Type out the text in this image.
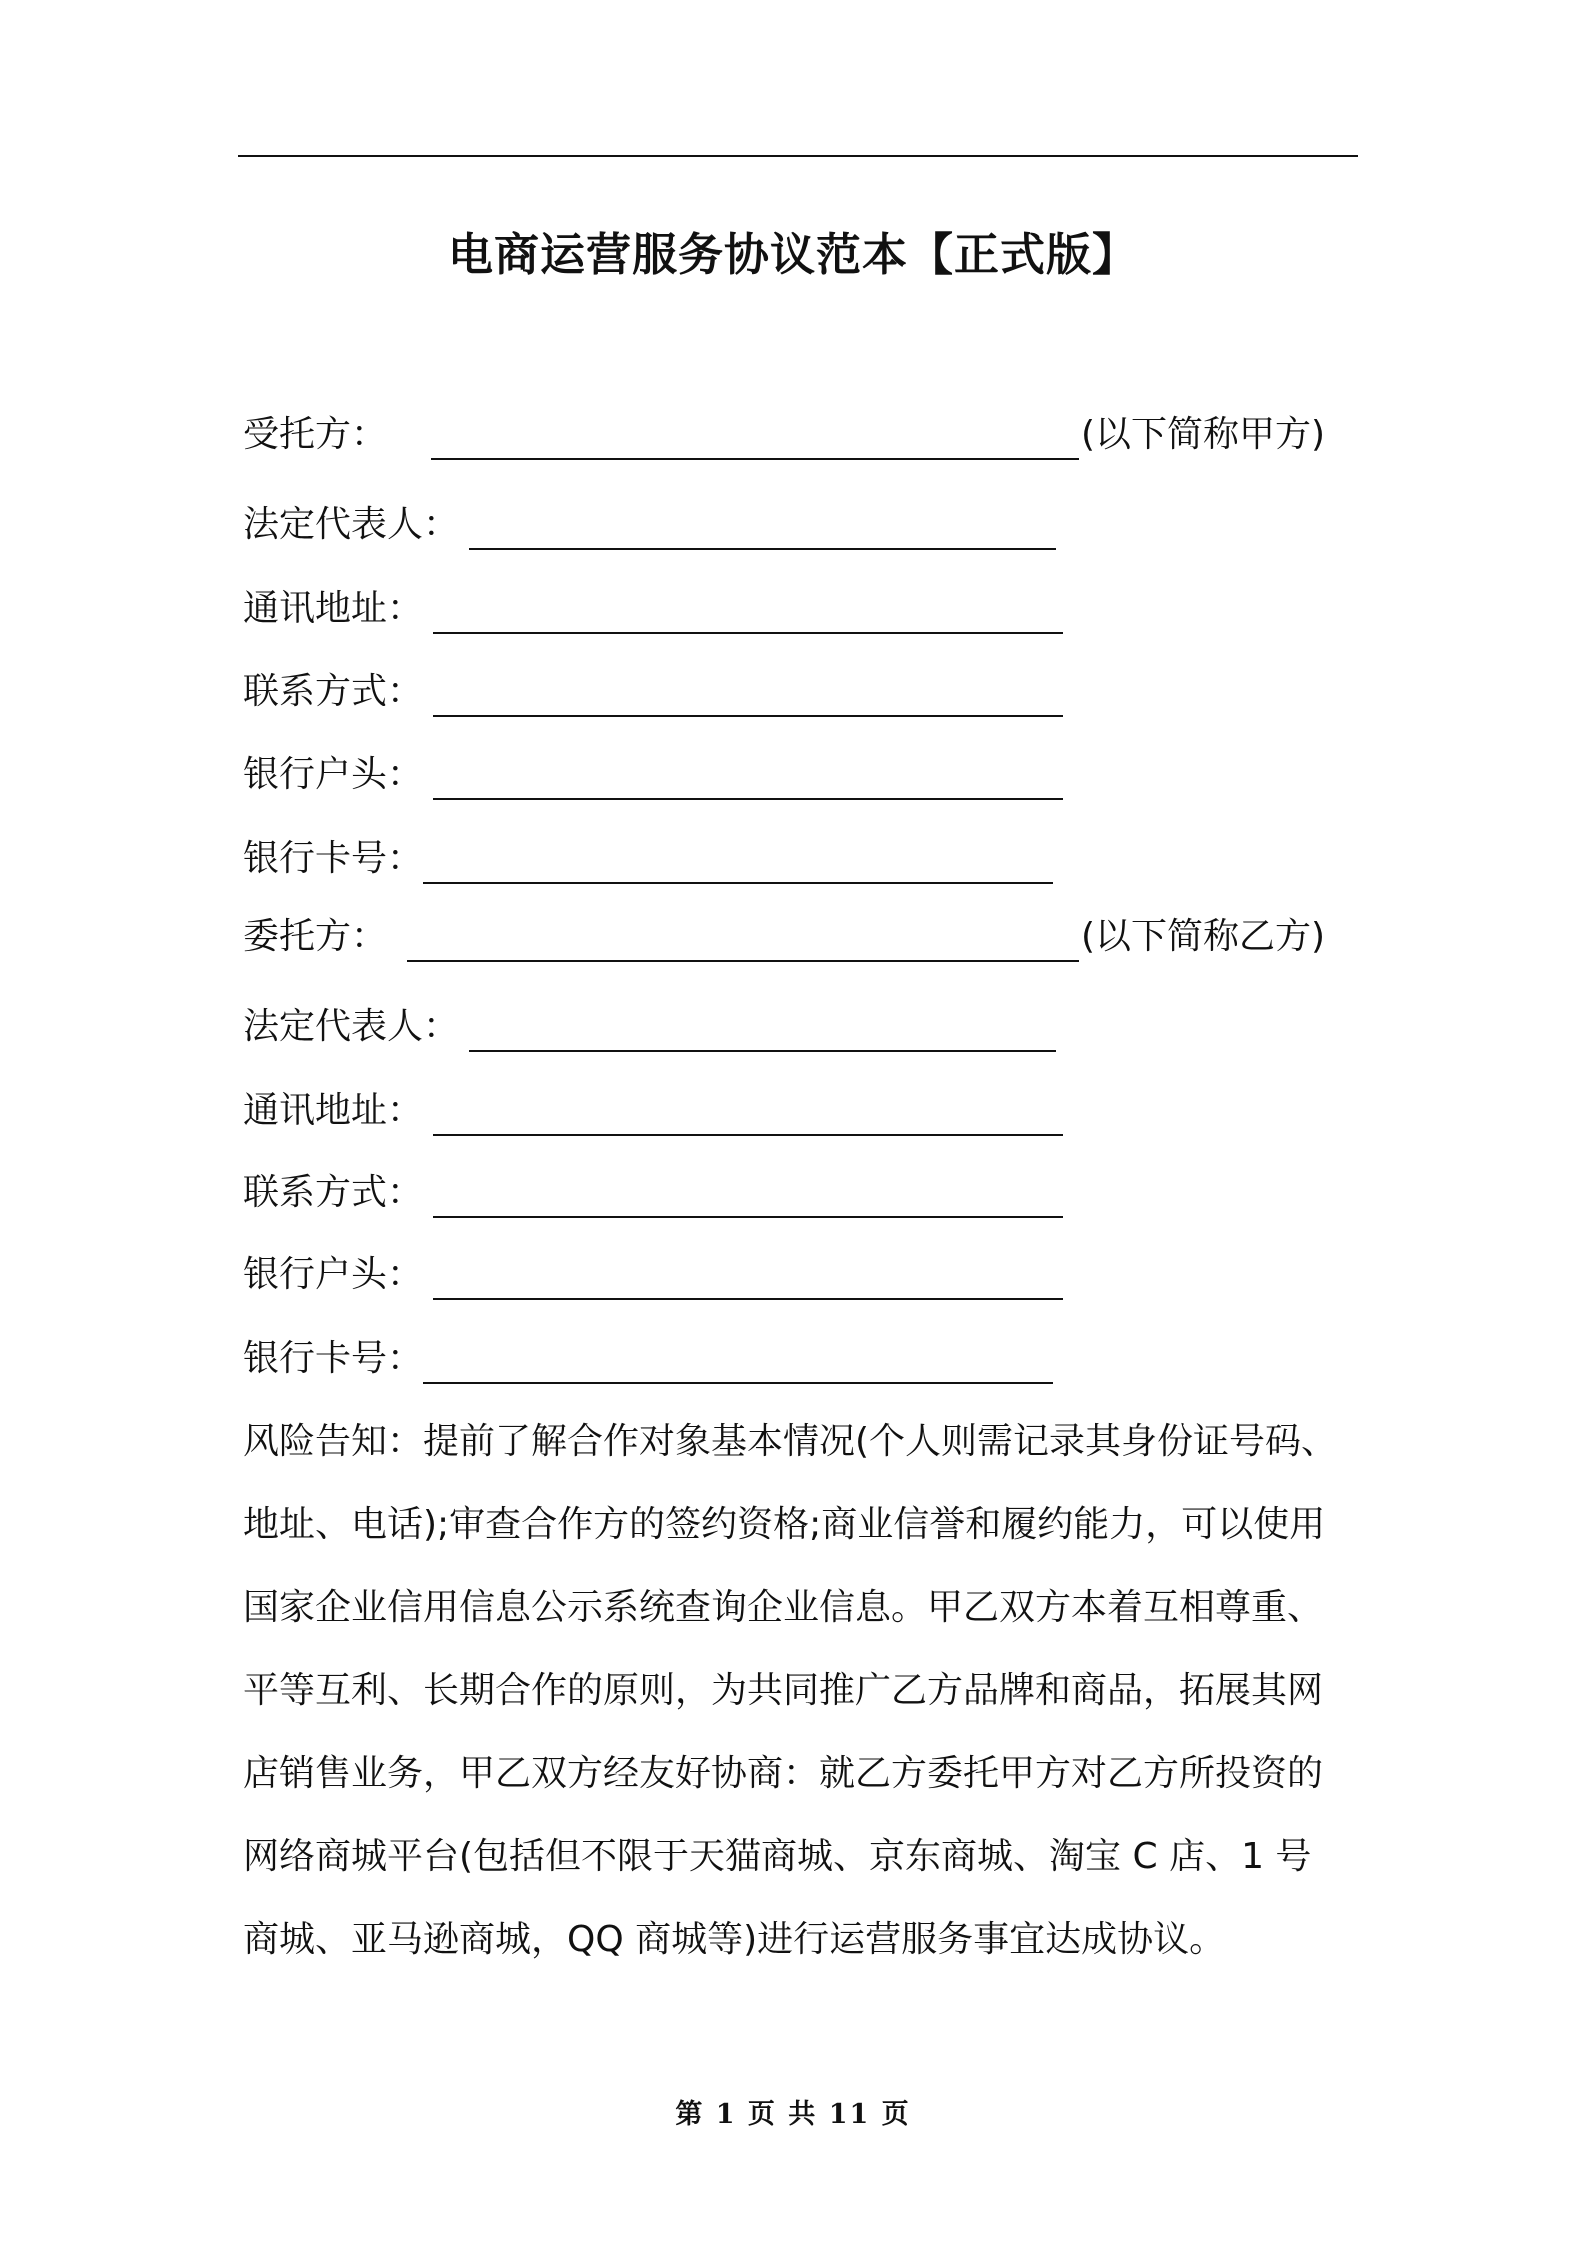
电商运营服务协议范本【正式版】
受托方：	(以下简称甲方)
法定代表人：
通讯地址：
联系方式：
银行户头：
银行卡号：
委托方：	(以下简称乙方)
法定代表人：
通讯地址：
联系方式：
银行户头：
银行卡号：
风险告知：提前了解合作对象基本情况(个人则需记录其身份证号码、
地址、电话);审查合作方的签约资格;商业信誉和履约能力，可以使用
国家企业信用信息公示系统查询企业信息。甲乙双方本着互相尊重、
平等互利、长期合作的原则，为共同推广乙方品牌和商品，拓展其网
店销售业务，甲乙双方经友好协商：就乙方委托甲方对乙方所投资的
网络商城平台(包括但不限于天猫商城、京东商城、淘宝 C 店、1 号
商城、亚马逊商城，QQ 商城等)进行运营服务事宜达成协议。
第 1 页 共 11 页
